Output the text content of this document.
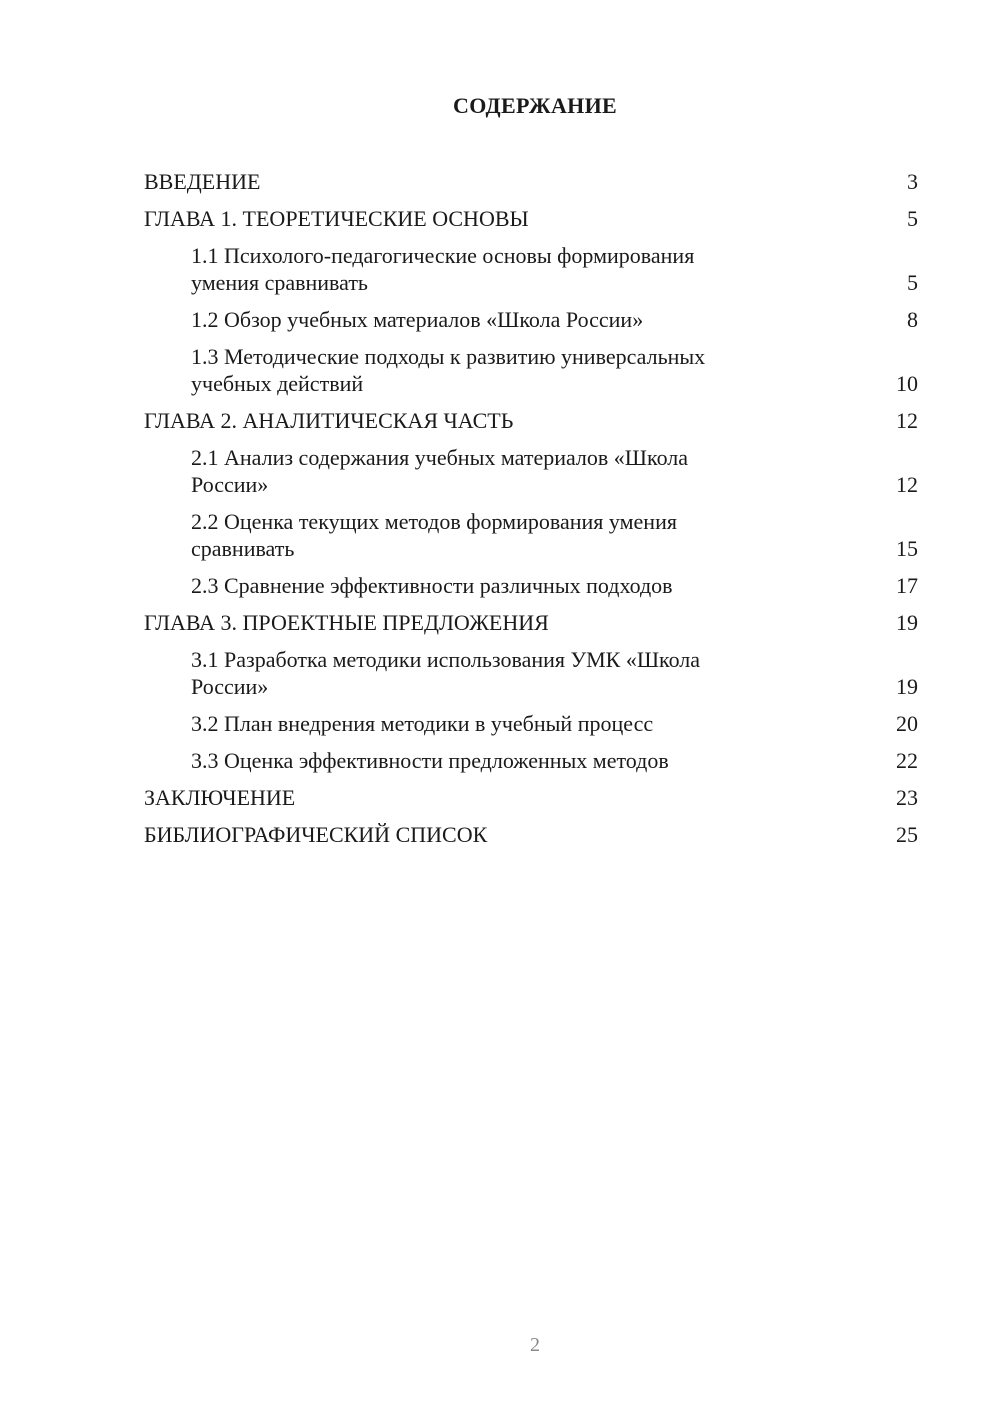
СОДЕРЖАНИЕ
ВВЕДЕНИЕ	3
ГЛАВА 1. ТЕОРЕТИЧЕСКИЕ ОСНОВЫ	5
1.1 Психолого-педагогические основы формирования
умения сравнивать	5
1.2 Обзор учебных материалов «Школа России»	8
1.3 Методические подходы к развитию универсальных
учебных действий	10
ГЛАВА 2. АНАЛИТИЧЕСКАЯ ЧАСТЬ	12
2.1 Анализ содержания учебных материалов «Школа
России»	12
2.2 Оценка текущих методов формирования умения
сравнивать	15
2.3 Сравнение эффективности различных подходов	17
ГЛАВА 3. ПРОЕКТНЫЕ ПРЕДЛОЖЕНИЯ	19
3.1 Разработка методики использования УМК «Школа
России»	19
3.2 План внедрения методики в учебный процесс	20
3.3 Оценка эффективности предложенных методов	22
ЗАКЛЮЧЕНИЕ	23
БИБЛИОГРАФИЧЕСКИЙ СПИСОК	25
2
